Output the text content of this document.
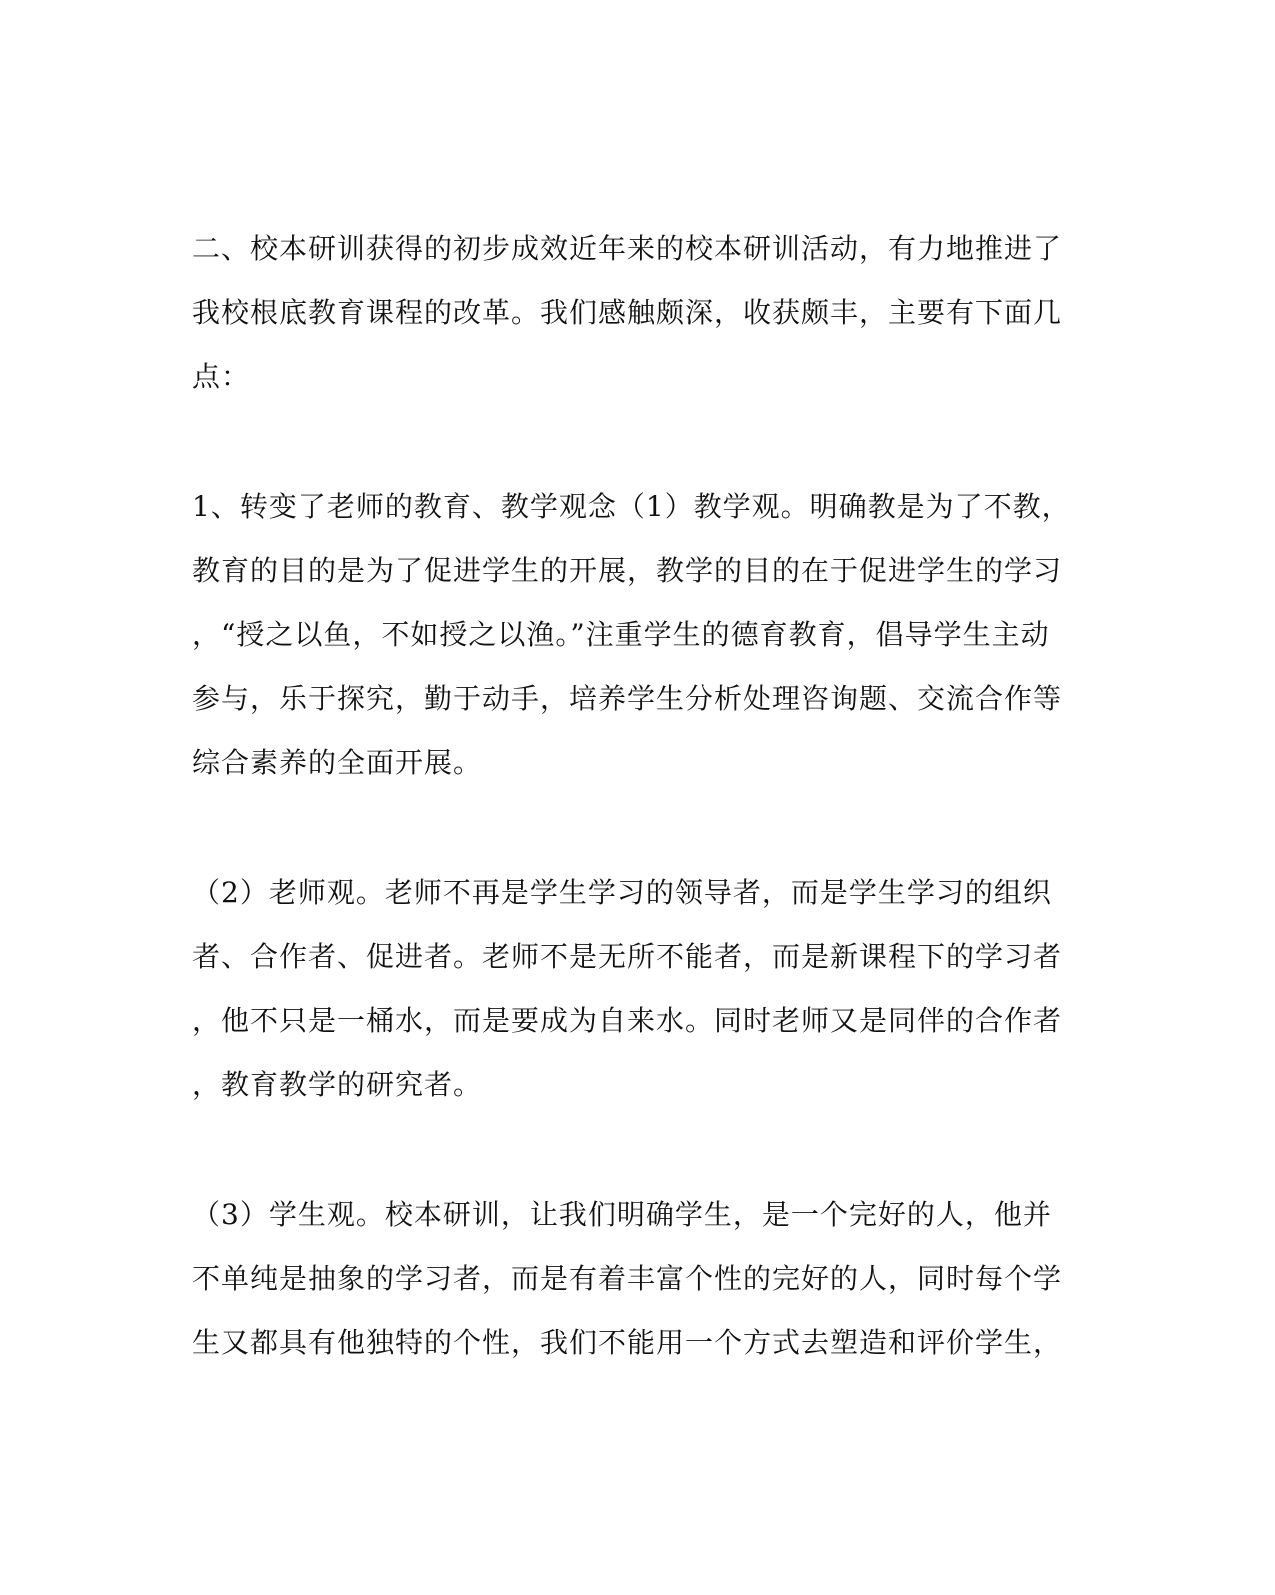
二、校本研训获得的初步成效近年来的校本研训活动，有力地推进了
我校根底教育课程的改革。我们感触颇深，收获颇丰，主要有下面几
点：
1、转变了老师的教育、教学观念（1）教学观。明确教是为了不教，
教育的目的是为了促进学生的开展，教学的目的在于促进学生的学习
，“授之以鱼，不如授之以渔。”注重学生的德育教育，倡导学生主动
参与，乐于探究，勤于动手，培养学生分析处理咨询题、交流合作等
综合素养的全面开展。
（2）老师观。老师不再是学生学习的领导者，而是学生学习的组织
者、合作者、促进者。老师不是无所不能者，而是新课程下的学习者
，他不只是一桶水，而是要成为自来水。同时老师又是同伴的合作者
，教育教学的研究者。
（3）学生观。校本研训，让我们明确学生，是一个完好的人，他并
不单纯是抽象的学习者，而是有着丰富个性的完好的人，同时每个学
生又都具有他独特的个性，我们不能用一个方式去塑造和评价学生，
